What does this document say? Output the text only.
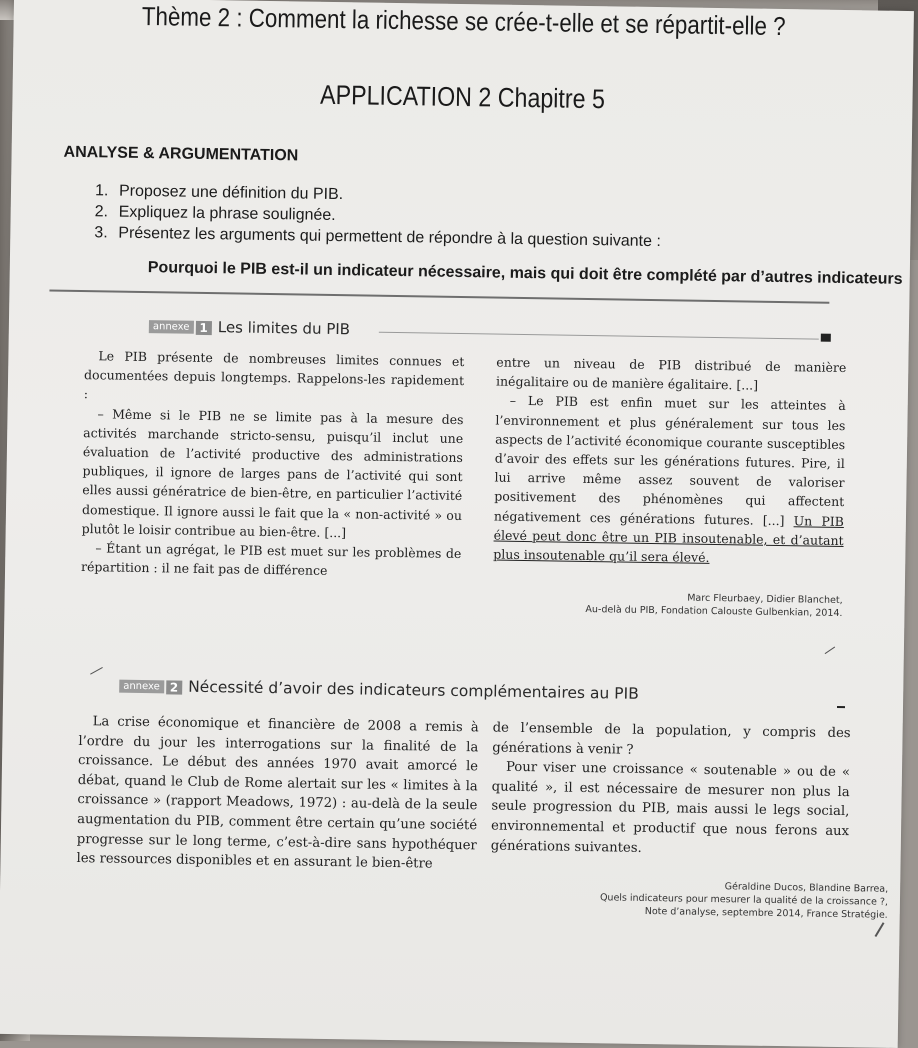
Thème 2 : Comment la richesse se crée-t-elle et se répartit-elle ?
APPLICATION 2 Chapitre 5
ANALYSE & ARGUMENTATION
1. Proposez une définition du PIB.
2. Expliquez la phrase soulignée.
3. Présentez les arguments qui permettent de répondre à la question suivante :
Pourquoi le PIB est-il un indicateur nécessaire, mais qui doit être complété par d’autres indicateurs
annexe 1 Les limites du PIB

Le PIB présente de nombreuses limites connues et documentées depuis longtemps. Rappelons-les rapidement :

– Même si le PIB ne se limite pas à la mesure des activités marchande stricto-sensu, puisqu’il inclut une évaluation de l’activité productive des administrations publiques, il ignore de larges pans de l’activité qui sont elles aussi génératrice de bien-être, en particulier l’activité domestique. Il ignore aussi le fait que la « non-activité » ou plutôt le loisir contribue au bien-être. [...]

– Étant un agrégat, le PIB est muet sur les problèmes de répartition : il ne fait pas de différence

entre un niveau de PIB distribué de manière inégalitaire ou de manière égalitaire. [...]

– Le PIB est enfin muet sur les atteintes à l’environnement et plus généralement sur tous les aspects de l’activité économique courante susceptibles d’avoir des effets sur les générations futures. Pire, il lui arrive même assez souvent de valoriser positivement des phénomènes qui affectent négativement ces générations futures. [...] Un PIB élevé peut donc être un PIB insoutenable, et d’autant plus insoutenable qu’il sera élevé.

Marc Fleurbaey, Didier Blanchet,
Au-delà du PIB, Fondation Calouste Gulbenkian, 2014.
annexe 2 Nécessité d’avoir des indicateurs complémentaires au PIB

La crise économique et financière de 2008 a remis à l’ordre du jour les interrogations sur la finalité de la croissance. Le début des années 1970 avait amorcé le débat, quand le Club de Rome alertait sur les « limites à la croissance » (rapport Meadows, 1972) : au-delà de la seule augmentation du PIB, comment être certain qu’une société progresse sur le long terme, c’est-à-dire sans hypothéquer les ressources disponibles et en assurant le bien-être

de l’ensemble de la population, y compris des générations à venir ?

Pour viser une croissance « soutenable » ou de « qualité », il est nécessaire de mesurer non plus la seule progression du PIB, mais aussi le legs social, environnemental et productif que nous ferons aux générations suivantes.

Géraldine Ducos, Blandine Barrea,
Quels indicateurs pour mesurer la qualité de la croissance ?,
Note d’analyse, septembre 2014, France Stratégie.
